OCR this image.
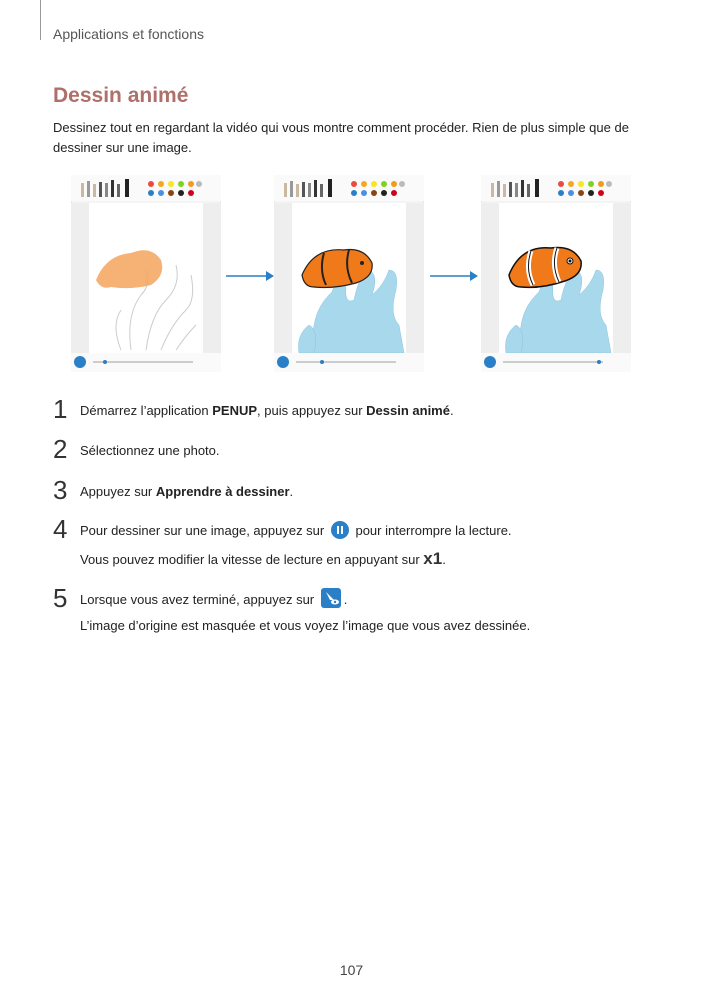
Applications et fonctions
Dessin animé
Dessinez tout en regardant la vidéo qui vous montre comment procéder. Rien de plus simple que de dessiner sur une image.
1 Démarrez l’application PENUP, puis appuyez sur Dessin animé.
2 Sélectionnez une photo.
3 Appuyez sur Apprendre à dessiner.
4 Pour dessiner sur une image, appuyez sur  pour interrompre la lecture.
Vous pouvez modifier la vitesse de lecture en appuyant sur x1.
5 Lorsque vous avez terminé, appuyez sur .
L’image d’origine est masquée et vous voyez l’image que vous avez dessinée.
107
